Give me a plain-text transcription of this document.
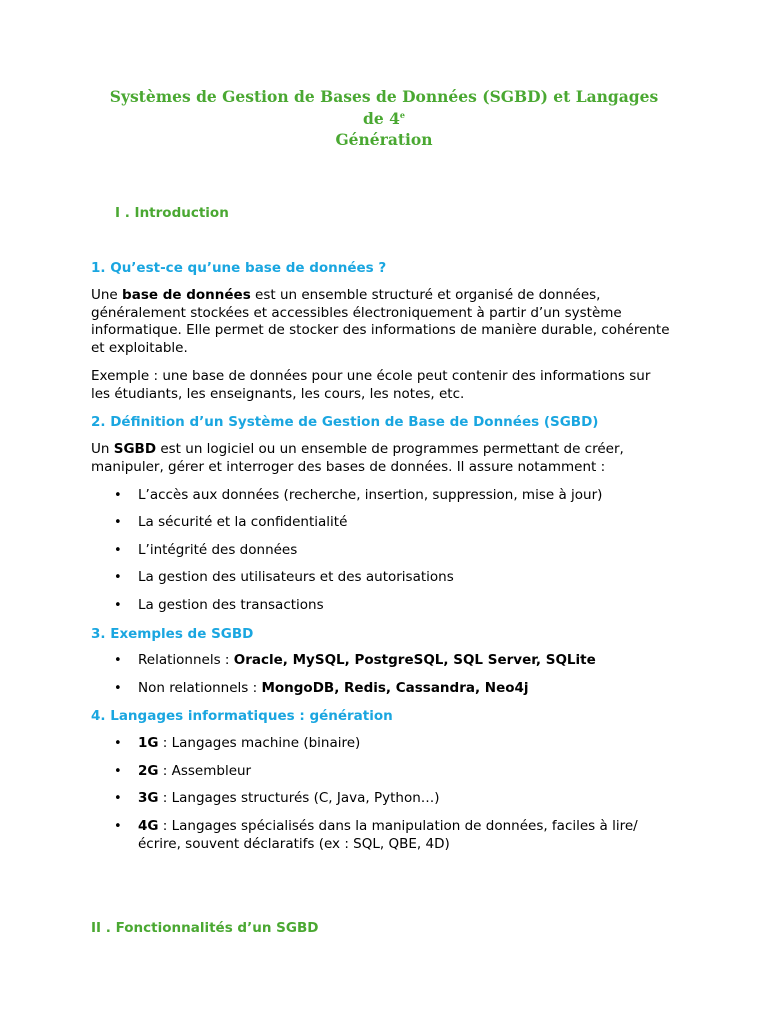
Systèmes de Gestion de Bases de Données (SGBD) et Langages de 4e
Génération
I . Introduction
1. Qu’est-ce qu’une base de données ?
Une base de données est un ensemble structuré et organisé de données, généralement stockées et accessibles électroniquement à partir d’un système informatique. Elle permet de stocker des informations de manière durable, cohérente et exploitable.
Exemple : une base de données pour une école peut contenir des informations sur les étudiants, les enseignants, les cours, les notes, etc.
2. Définition d’un Système de Gestion de Base de Données (SGBD)
Un SGBD est un logiciel ou un ensemble de programmes permettant de créer, manipuler, gérer et interroger des bases de données. Il assure notamment :
•	L’accès aux données (recherche, insertion, suppression, mise à jour)
•	La sécurité et la confidentialité
•	L’intégrité des données
•	La gestion des utilisateurs et des autorisations
•	La gestion des transactions
3. Exemples de SGBD
•	Relationnels : Oracle, MySQL, PostgreSQL, SQL Server, SQLite
•	Non relationnels : MongoDB, Redis, Cassandra, Neo4j
4. Langages informatiques : génération
•	1G : Langages machine (binaire)
•	2G : Assembleur
•	3G : Langages structurés (C, Java, Python…)
•	4G : Langages spécialisés dans la manipulation de données, faciles à lire/écrire, souvent déclaratifs (ex : SQL, QBE, 4D)
II . Fonctionnalités d’un SGBD
